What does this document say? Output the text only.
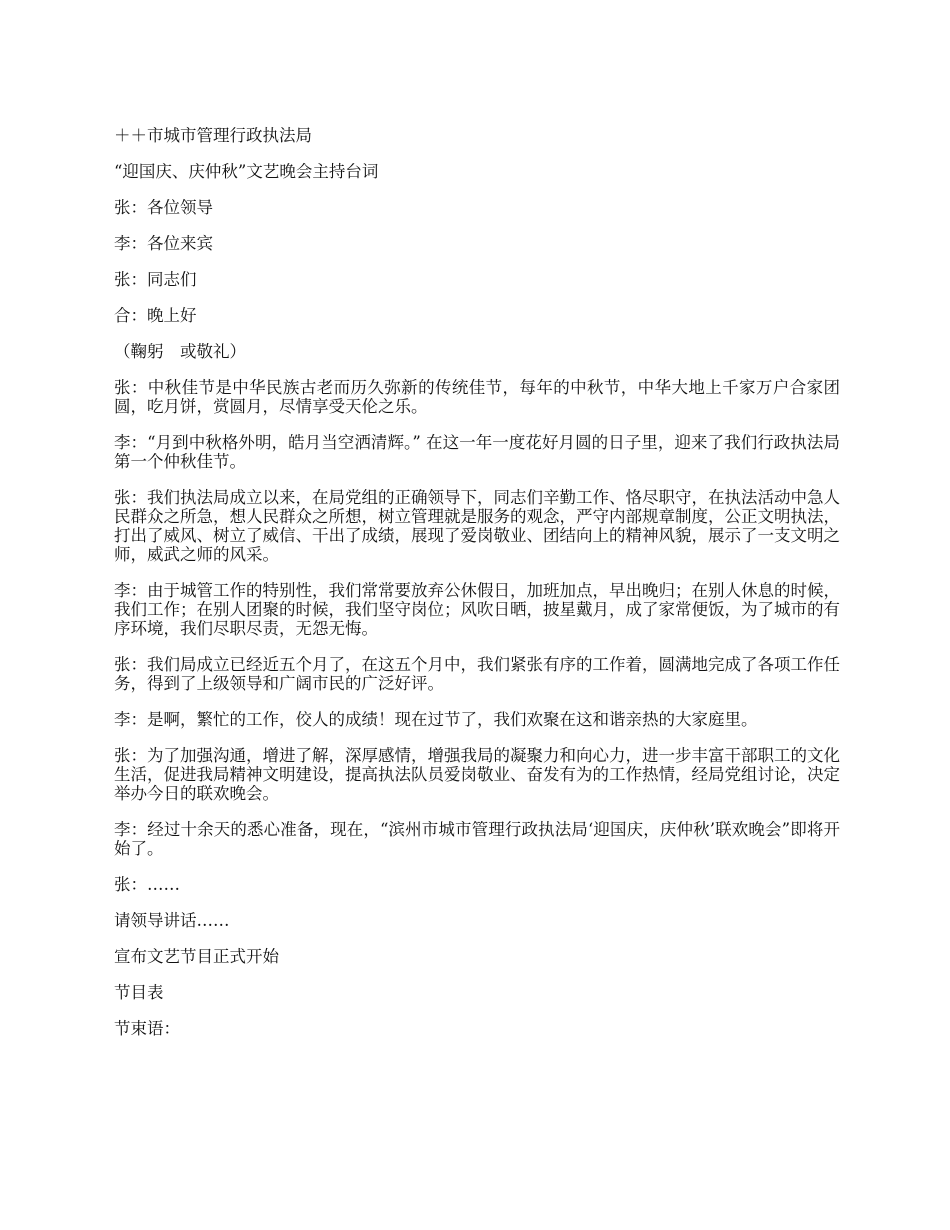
＋＋市城市管理行政执法局

“迎国庆、庆仲秋”文艺晚会主持台词

张：各位领导

李：各位来宾

张：同志们

合：晚上好

（鞠躬　或敬礼）

张：中秋佳节是中华民族古老而历久弥新的传统佳节，每年的中秋节，中华大地上千家万户合家团圆，吃月饼，赏圆月，尽情享受天伦之乐。

李：“月到中秋格外明，皓月当空洒清辉。” 在这一年一度花好月圆的日子里，迎来了我们行政执法局第一个仲秋佳节。

张：我们执法局成立以来，在局党组的正确领导下，同志们辛勤工作、恪尽职守，在执法活动中急人民群众之所急，想人民群众之所想，树立管理就是服务的观念，严守内部规章制度，公正文明执法，打出了威风、树立了威信、干出了成绩，展现了爱岗敬业、团结向上的精神风貌，展示了一支文明之师，威武之师的风采。

李：由于城管工作的特别性，我们常常要放弃公休假日，加班加点，早出晚归；在别人休息的时候，我们工作；在别人团聚的时候，我们坚守岗位；风吹日晒，披星戴月，成了家常便饭，为了城市的有序环境，我们尽职尽责，无怨无悔。

张：我们局成立已经近五个月了，在这五个月中，我们紧张有序的工作着，圆满地完成了各项工作任务，得到了上级领导和广阔市民的广泛好评。

李：是啊，繁忙的工作，佼人的成绩！现在过节了，我们欢聚在这和谐亲热的大家庭里。

张：为了加强沟通，增进了解，深厚感情，增强我局的凝聚力和向心力，进一步丰富干部职工的文化生活，促进我局精神文明建设，提高执法队员爱岗敬业、奋发有为的工作热情，经局党组讨论，决定举办今日的联欢晚会。

李：经过十余天的悉心准备，现在，“滨州市城市管理行政执法局‘迎国庆，庆仲秋’联欢晚会”即将开始了。

张：……

请领导讲话……

宣布文艺节目正式开始

节目表

节束语：
